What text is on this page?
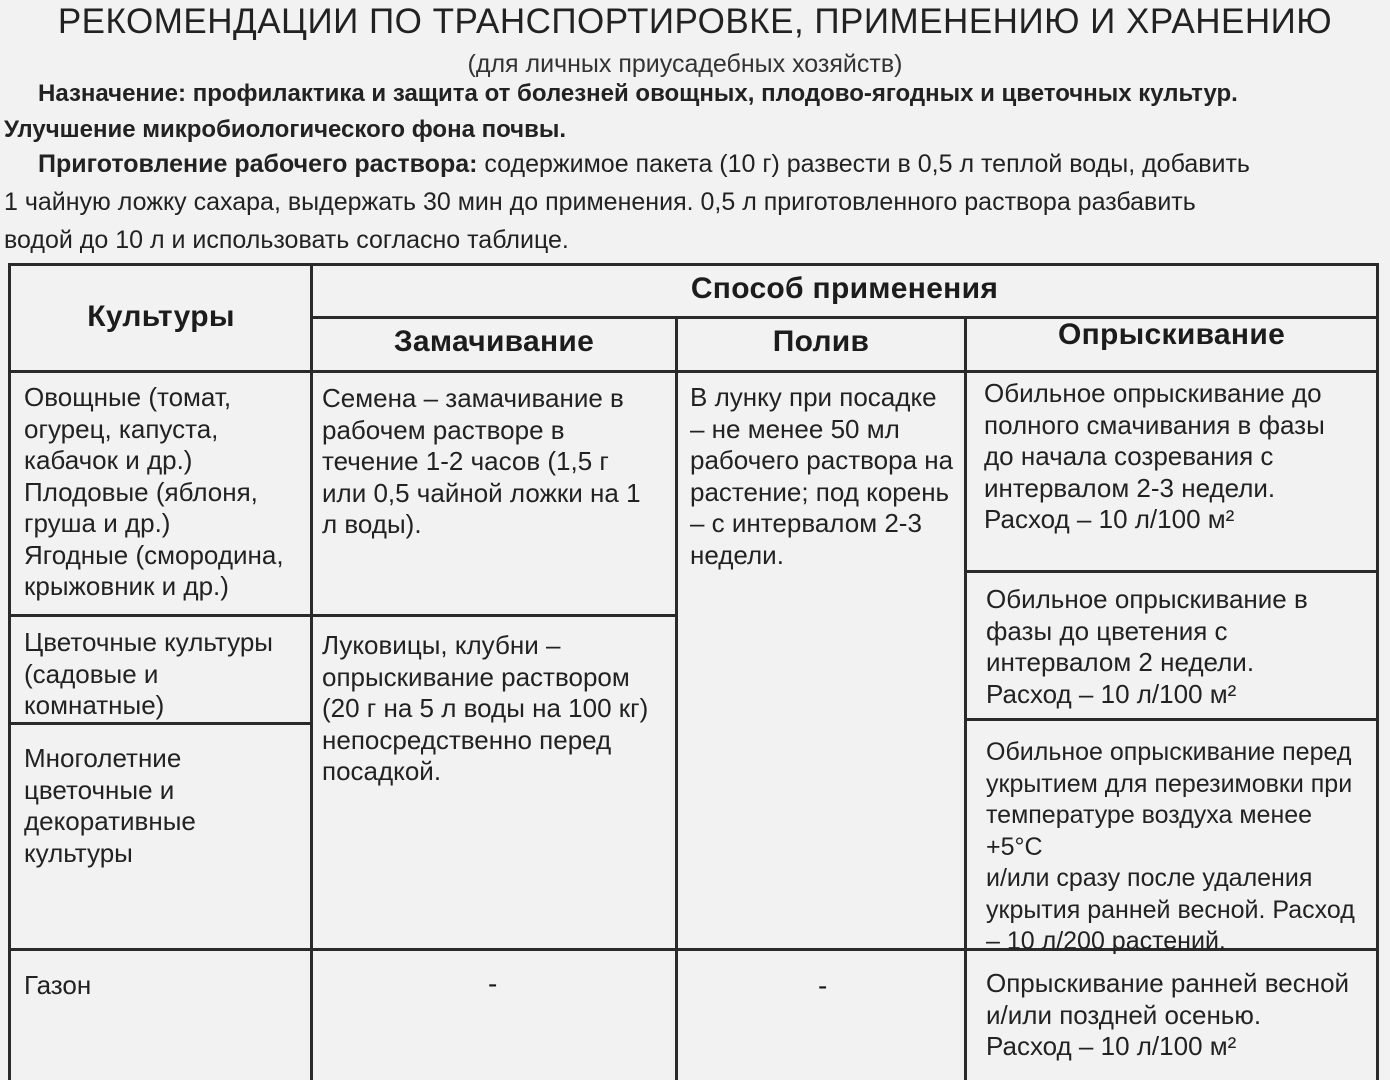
РЕКОМЕНДАЦИИ ПО ТРАНСПОРТИРОВКЕ, ПРИМЕНЕНИЮ И ХРАНЕНИЮ
(для личных приусадебных хозяйств)
Назначение: профилактика и защита от болезней овощных, плодово-ягодных и цветочных культур.
Улучшение микробиологического фона почвы.
Приготовление рабочего раствора: содержимое пакета (10 г) развести в 0,5 л теплой воды, добавить
1 чайную ложку сахара, выдержать 30 мин до применения. 0,5 л приготовленного раствора разбавить
водой до 10 л и использовать согласно таблице.
Культуры
Способ применения
Замачивание	Полив	Опрыскивание
Овощные (томат,
огурец, капуста,
кабачок и др.)
Плодовые (яблоня,
груша и др.)
Ягодные (смородина,
крыжовник и др.)
Цветочные культуры
(садовые и
комнатные)
Многолетние
цветочные и
декоративные
культуры
Газон
Семена – замачивание в
рабочем растворе в
течение 1-2 часов (1,5 г
или 0,5 чайной ложки на 1
л воды).
Луковицы, клубни –
опрыскивание раствором
(20 г на 5 л воды на 100 кг)
непосредственно перед
посадкой.
-
В лунку при посадке
– не менее 50 мл
рабочего раствора на
растение; под корень
– с интервалом 2-3
недели.
-
Обильное опрыскивание до
полного смачивания в фазы
до начала созревания с
интервалом 2-3 недели.
Расход – 10 л/100 м²
Обильное опрыскивание в
фазы до цветения с
интервалом 2 недели.
Расход – 10 л/100 м²
Обильное опрыскивание перед
укрытием для перезимовки при
температуре воздуха менее +5°С
и/или сразу после удаления
укрытия ранней весной. Расход
– 10 л/200 растений.
Опрыскивание ранней весной
и/или поздней осенью.
Расход – 10 л/100 м²
